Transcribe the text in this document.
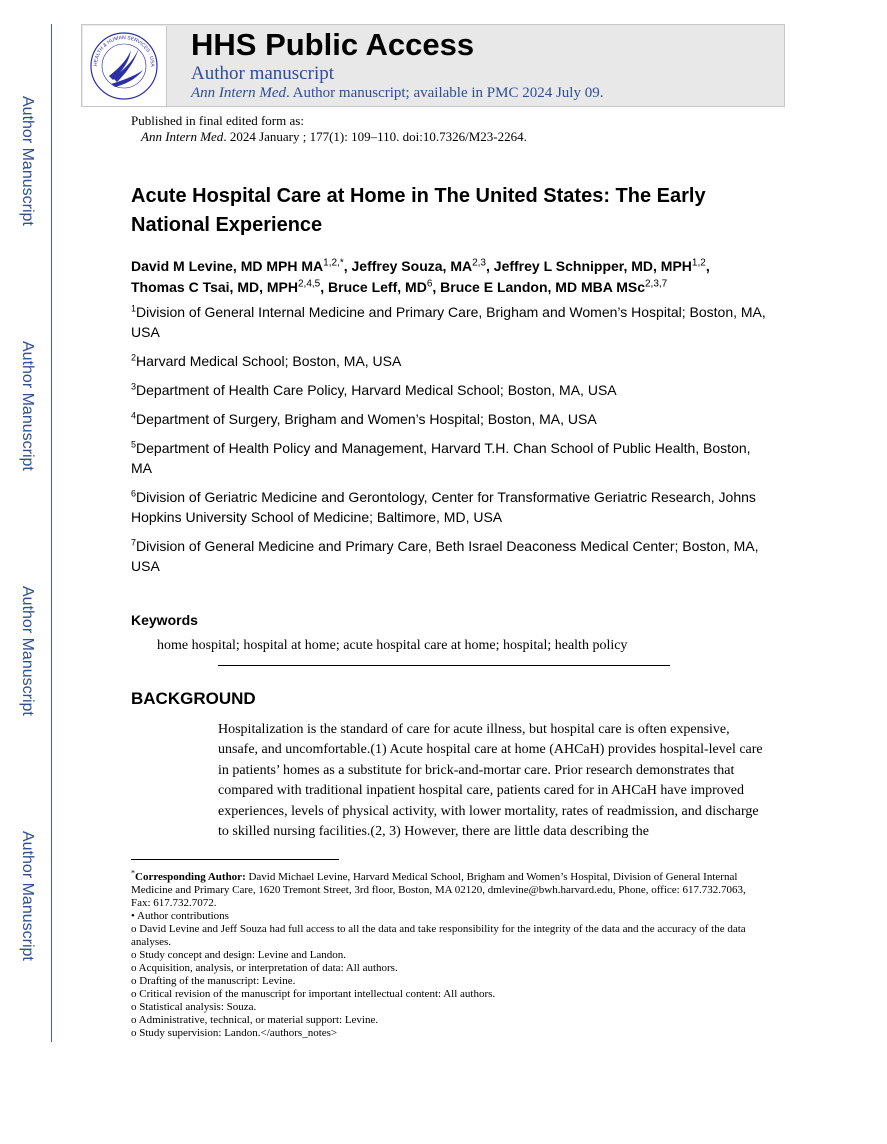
Author Manuscript
Author Manuscript
Author Manuscript
Author Manuscript
HEALTH & HUMAN SERVICES · USA
HHS Public Access
Author manuscript
Ann Intern Med. Author manuscript; available in PMC 2024 July 09.
Published in final edited form as:
Ann Intern Med. 2024 January ; 177(1): 109–110. doi:10.7326/M23-2264.
Acute Hospital Care at Home in The United States: The Early National Experience
David M Levine, MD MPH $MA^{1,2,*}$, Jeffrey Souza, MA$^{2,3}$, Jeffrey L Schnipper, MD, MPH$^{1,2}$,
Thomas C Tsai, MD, MPH$^{2,4,5}$, Bruce Leff, $MD^6$, Bruce E Landon, MD MBA MSc$^{2,3,7}$
$^1$Division of General Internal Medicine and Primary Care, Brigham and Women’s Hospital; Boston, MA, USA
$^2$Harvard Medical School; Boston, MA, USA
$^3$Department of Health Care Policy, Harvard Medical School; Boston, MA, USA
$^4$Department of Surgery, Brigham and Women’s Hospital; Boston, MA, USA
$^5$Department of Health Policy and Management, Harvard T.H. Chan School of Public Health, Boston, MA
$^6$Division of Geriatric Medicine and Gerontology, Center for Transformative Geriatric Research, Johns Hopkins University School of Medicine; Baltimore, MD, USA
$^7$Division of General Medicine and Primary Care, Beth Israel Deaconess Medical Center; Boston, MA, USA
Keywords
home hospital; hospital at home; acute hospital care at home; hospital; health policy
BACKGROUND
Hospitalization is the standard of care for acute illness, but hospital care is often expensive, unsafe, and uncomfortable.(1) Acute hospital care at home (AHCaH) provides hospital-level care in patients’ homes as a substitute for brick-and-mortar care. Prior research demonstrates that compared with traditional inpatient hospital care, patients cared for in AHCaH have improved experiences, levels of physical activity, with lower mortality, rates of readmission, and discharge to skilled nursing facilities.(2, 3) However, there are little data describing the
*Corresponding Author: David Michael Levine, Harvard Medical School, Brigham and Women’s Hospital, Division of General Internal Medicine and Primary Care, 1620 Tremont Street, 3rd floor, Boston, MA 02120, dmlevine@bwh.harvard.edu, Phone, office: 617.732.7063, Fax: 617.732.7072.
• Author contributions
o David Levine and Jeff Souza had full access to all the data and take responsibility for the integrity of the data and the accuracy of the data analyses.
o Study concept and design: Levine and Landon.
o Acquisition, analysis, or interpretation of data: All authors.
o Drafting of the manuscript: Levine.
o Critical revision of the manuscript for important intellectual content: All authors.
o Statistical analysis: Souza.
o Administrative, technical, or material support: Levine.
o Study supervision: Landon.</authors_notes>
